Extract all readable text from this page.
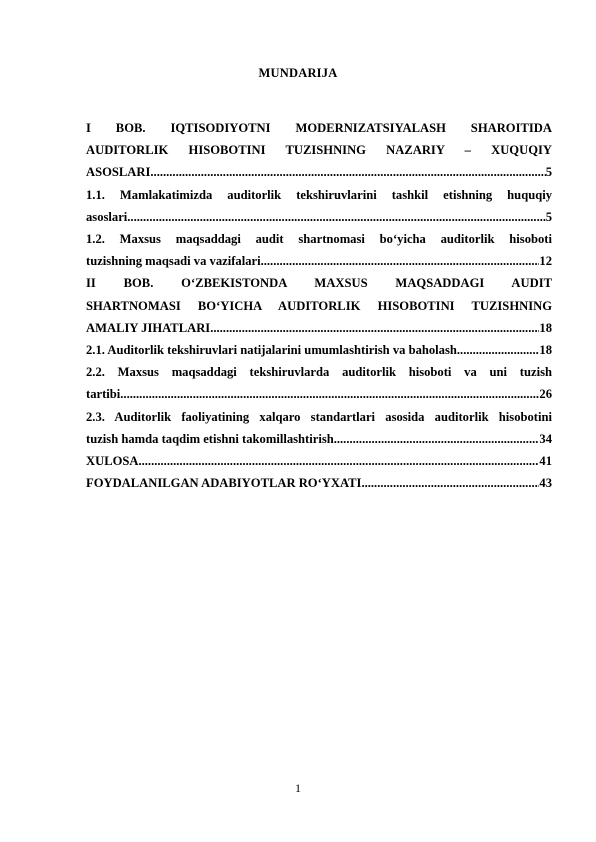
MUNDARIJA
I BOB. IQTISODIYOTNI MODERNIZATSIYALASH SHAROITIDA
AUDITORLIK HISOBOTINI TUZISHNING NAZARIY – XUQUQIY
ASOSLARI .....	5
1.1. Mamlakatimizda auditorlik tekshiruvlarini tashkil etishning huquqiy
asoslari .....	5
1.2. Maxsus maqsaddagi audit shartnomasi bo‘yicha auditorlik hisoboti
tuzishning maqsadi va vazifalari .....	12
II BOB. O‘ZBEKISTONDA MAXSUS MAQSADDAGI AUDIT
SHARTNOMASI BO‘YICHA AUDITORLIK HISOBOTINI TUZISHNING
AMALIY JIHATLARI .....	18
2.1. Auditorlik tekshiruvlari natijalarini umumlashtirish va baholash .....	18
2.2. Maxsus maqsaddagi tekshiruvlarda auditorlik hisoboti va uni tuzish
tartibi .....	26
2.3. Auditorlik faoliyatining xalqaro standartlari asosida auditorlik hisobotini
tuzish hamda taqdim etishni takomillashtirish .....	34
XULOSA .....	41
FOYDALANILGAN ADABIYOTLAR RO‘YXATI .....	43
1
